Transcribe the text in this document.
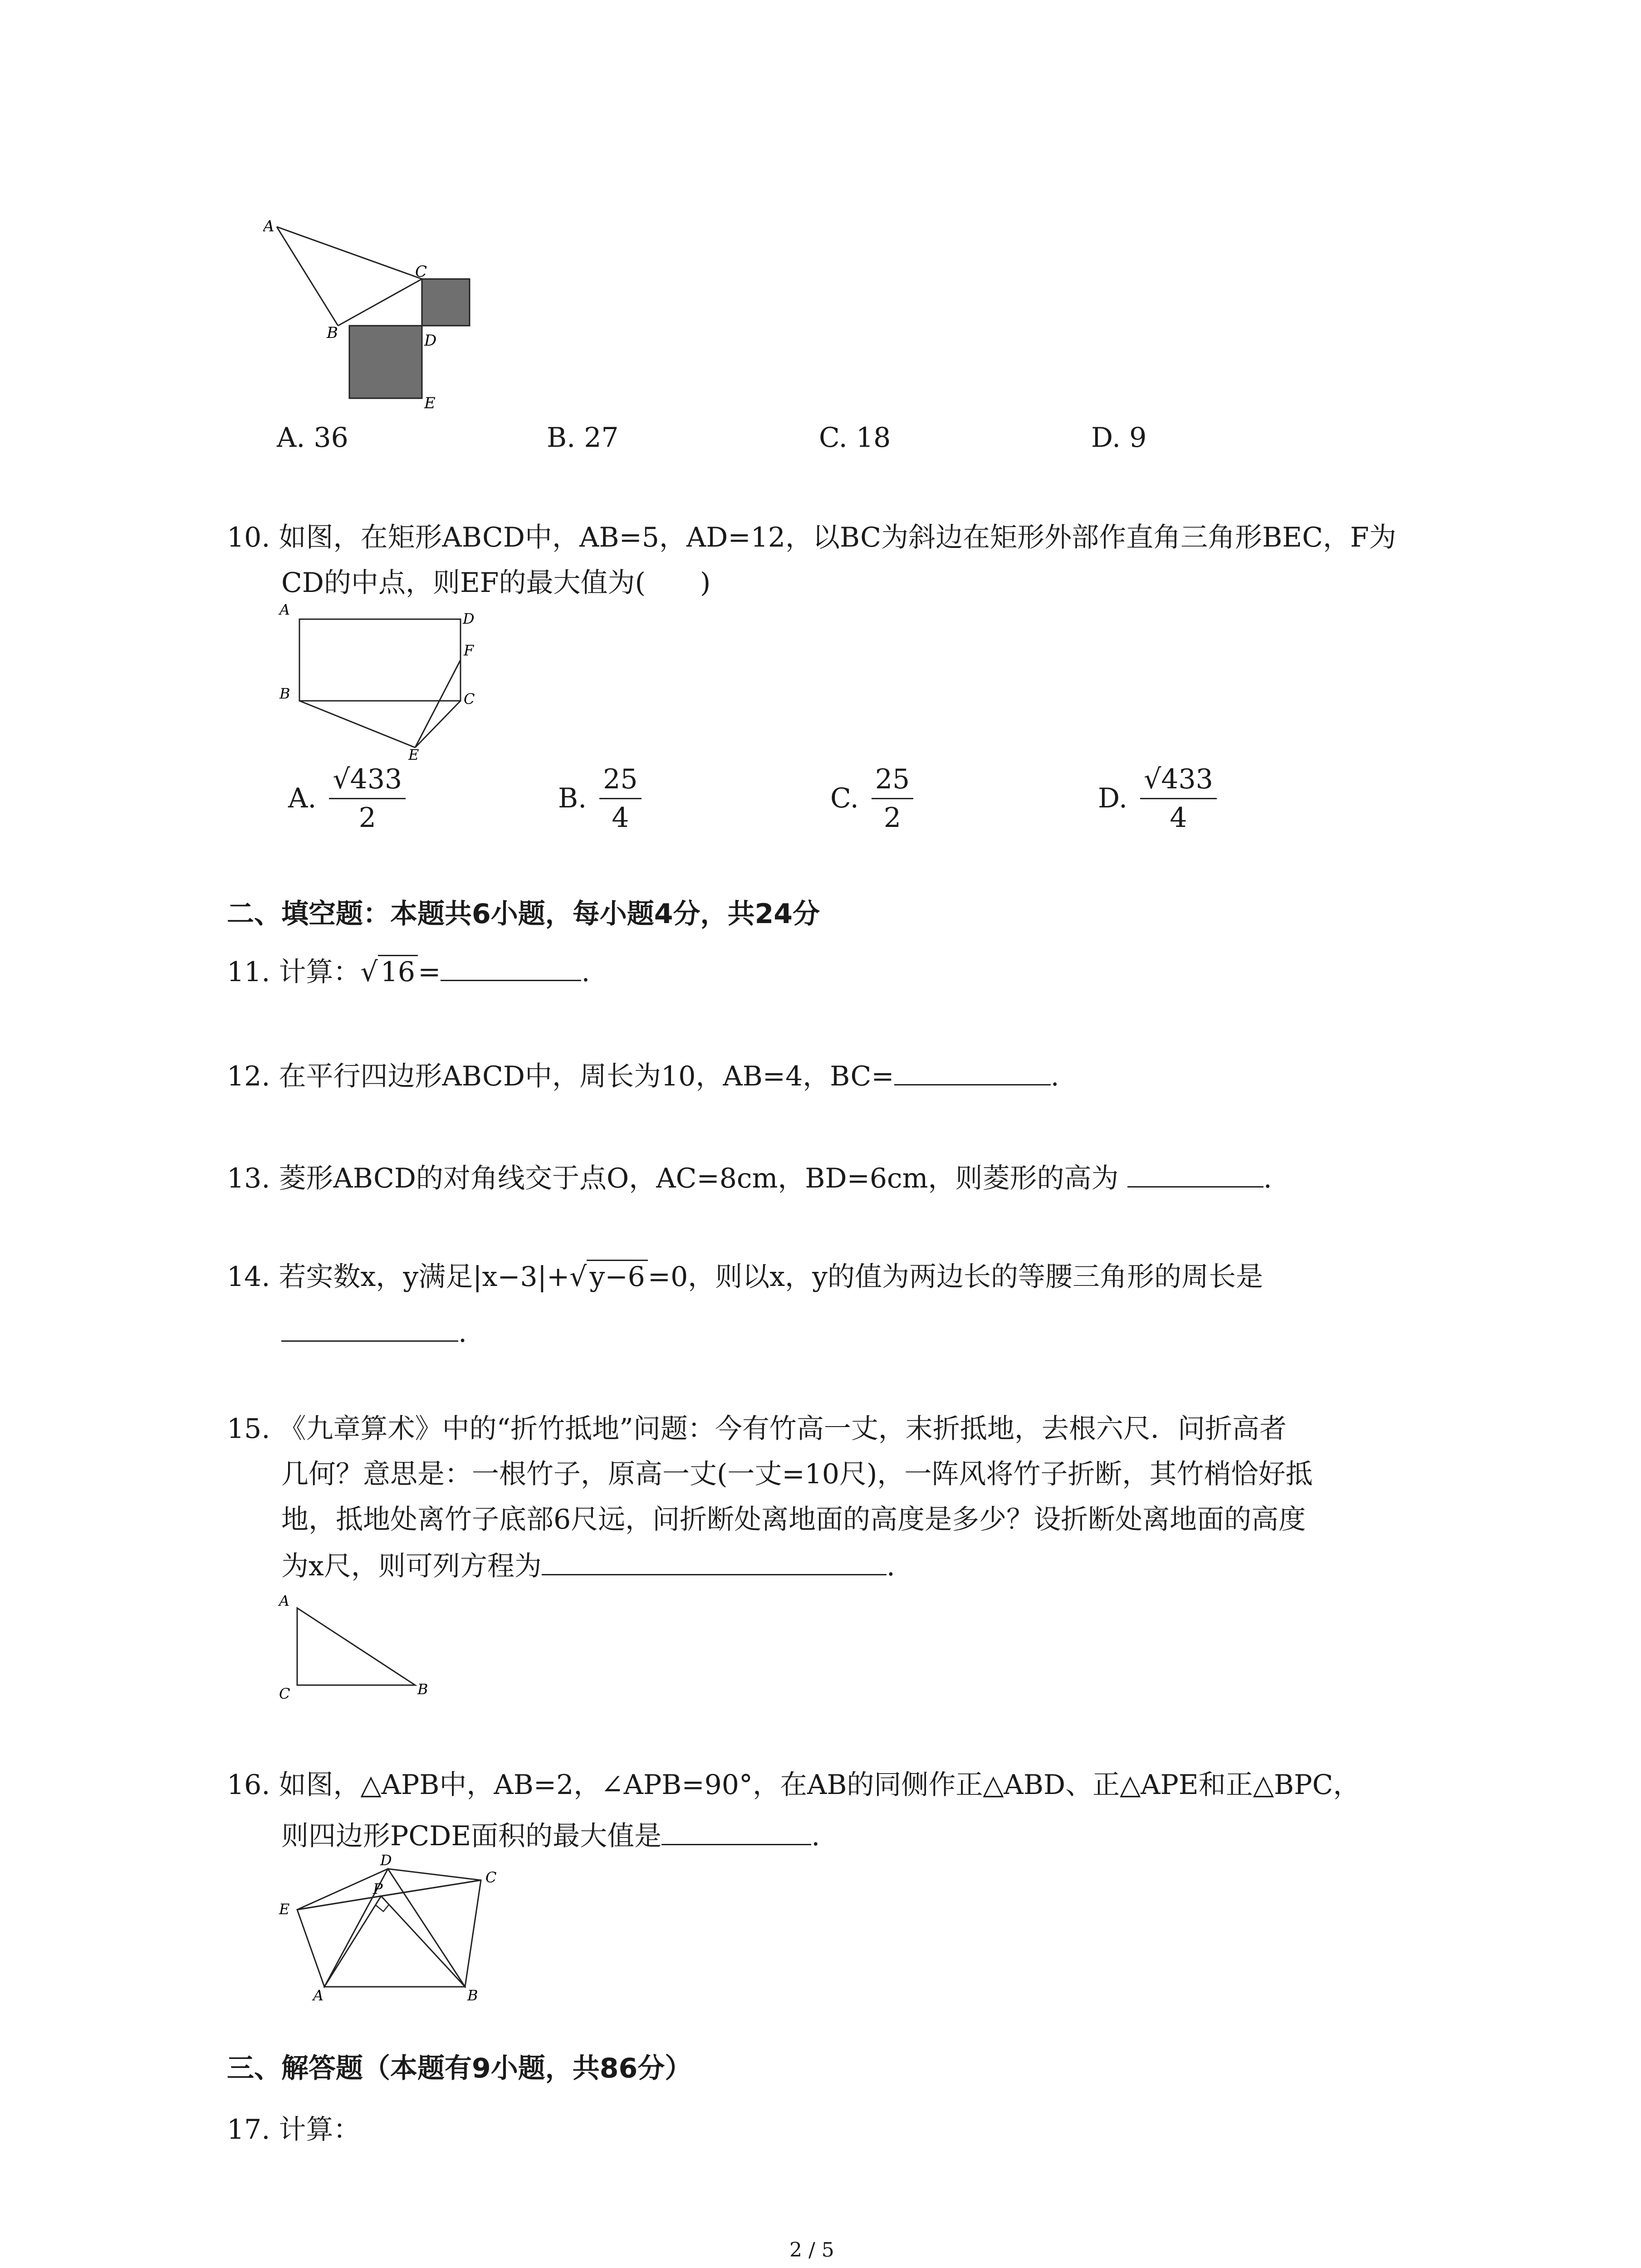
A
B
C
D
E
A. 36	B. 27	C. 18	D. 9
10. 如图，在矩形ABCD中，AB=5，AD=12，以BC为斜边在矩形外部作直角三角形BEC，F为
CD的中点，则EF的最大值为(　　)
A
D
F
B	C
E
A. $\frac{√433}{2}$	B. $\frac{25}{4}$	C. $\frac{25}{2}$	D. $\frac{√433}{4}$
二、填空题：本题共6小题，每小题4分，共24分
11. 计算：√ 16 =	.
12. 在平行四边形ABCD中，周长为10，AB=4，BC=	.
13. 菱形ABCD的对角线交于点O，AC=8cm，BD=6cm，则菱形的高为	.
14. 若实数x，y满足|x−3|+√ y−6 =0，则以x，y的值为两边长的等腰三角形的周长是
.
15. 《九章算术》中的“折竹抵地”问题：今有竹高一丈，末折抵地，去根六尺．问折高者
几何？意思是：一根竹子，原高一丈(一丈=10尺)，一阵风将竹子折断，其竹梢恰好抵
地，抵地处离竹子底部6尺远，问折断处离地面的高度是多少？设折断处离地面的高度
为x尺，则可列方程为	.
A
C	B
16. 如图，△APB中，AB=2，∠APB=90°，在AB的同侧作正△ABD、正△APE和正△BPC，
则四边形PCDE面积的最大值是	.
D
C
E
P
A	B
三、解答题（本题有9小题，共86分）
17. 计算：
2 / 5
